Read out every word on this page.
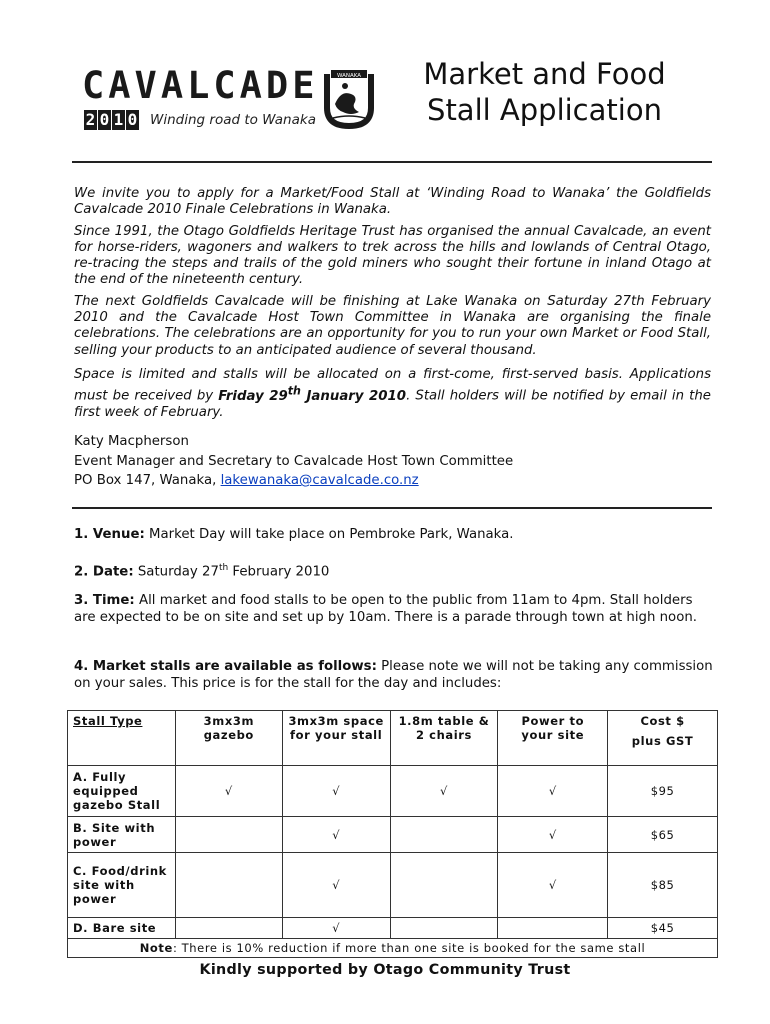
CAVALCADE
2 0 1 0 Winding road to Wanaka
WANAKA	Market and Food
Stall Application

We invite you to apply for a Market/Food Stall at ‘Winding Road to Wanaka’ the Goldfields Cavalcade 2010 Finale Celebrations in Wanaka.

Since 1991, the Otago Goldfields Heritage Trust has organised the annual Cavalcade, an event for horse-riders, wagoners and walkers to trek across the hills and lowlands of Central Otago, re-tracing the steps and trails of the gold miners who sought their fortune in inland Otago at the end of the nineteenth century.

The next Goldfields Cavalcade will be finishing at Lake Wanaka on Saturday 27th February 2010 and the Cavalcade Host Town Committee in Wanaka are organising the finale celebrations. The celebrations are an opportunity for you to run your own Market or Food Stall, selling your products to an anticipated audience of several thousand.

Space is limited and stalls will be allocated on a first-come, first-served basis. Applications must be received by Friday 29th January 2010. Stall holders will be notified by email in the first week of February.

Katy Macpherson
Event Manager and Secretary to Cavalcade Host Town Committee
PO Box 147, Wanaka, lakewanaka@cavalcade.co.nz
1. Venue: Market Day will take place on Pembroke Park, Wanaka.
2. Date: Saturday 27th February 2010
3. Time: All market and food stalls to be open to the public from 11am to 4pm. Stall holders are expected to be on site and set up by 10am. There is a parade through town at high noon.
4. Market stalls are available as follows: Please note we will not be taking any commission on your sales. This price is for the stall for the day and includes:
Stall Type	3mx3m gazebo	3mx3m space for your stall	1.8m table & 2 chairs	Power to your site	Cost $
plus GST

A. Fully equipped gazebo Stall	√	√	√	√	$95
B. Site with power		√		√	$65
C. Food/drink site with power		√		√	$85
D. Bare site		√			$45
Note: There is 10% reduction if more than one site is booked for the same stall					
Kindly supported by Otago Community Trust
